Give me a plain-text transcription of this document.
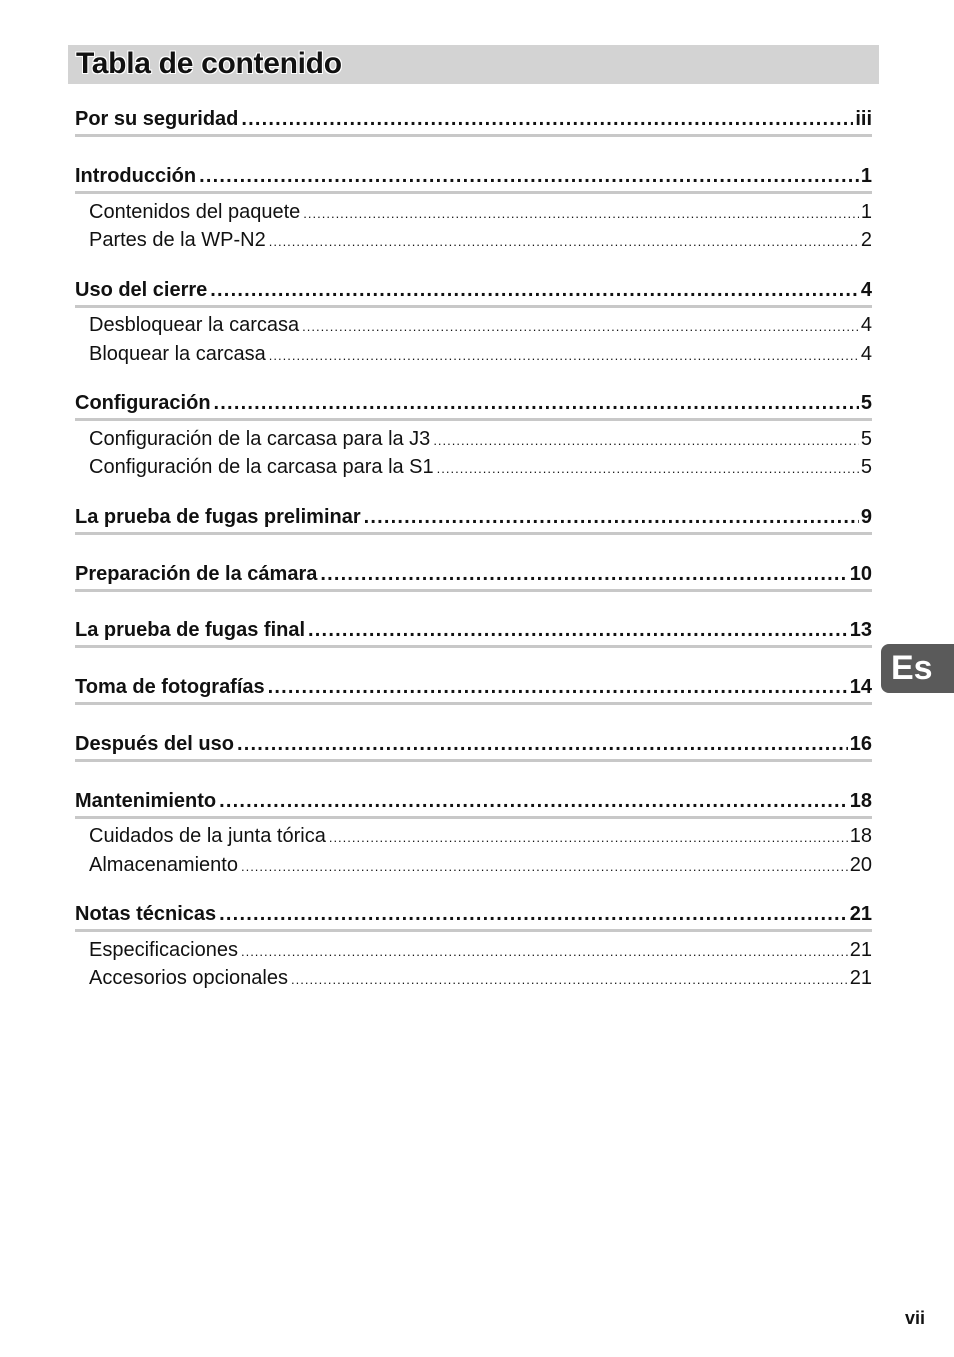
Tabla de contenido
Por su seguridad .....	iii
Introducción .....	1
Contenidos del paquete .....	1
Partes de la WP-N2 .....	2
Uso del cierre .....	4
Desbloquear la carcasa .....	4
Bloquear la carcasa .....	4
Configuración .....	5
Configuración de la carcasa para la J3 .....	5
Configuración de la carcasa para la S1 .....	5
La prueba de fugas preliminar .....	9
Preparación de la cámara .....	10
La prueba de fugas final .....	13
Toma de fotografías .....	14
Después del uso .....	16
Mantenimiento .....	18
Cuidados de la junta tórica .....	18
Almacenamiento .....	20
Notas técnicas .....	21
Especificaciones .....	21
Accesorios opcionales .....	21
Es
vii
